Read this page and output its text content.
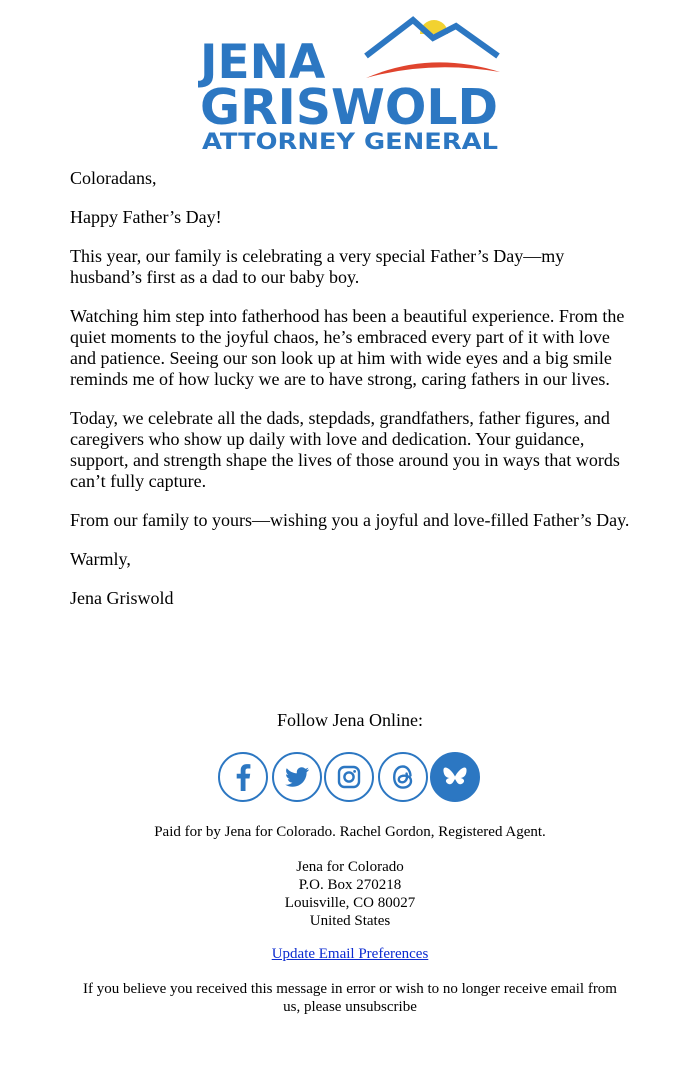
JENA
GRISWOLD
ATTORNEY GENERAL

Coloradans,

Happy Father’s Day!

This year, our family is celebrating a very special Father’s Day—my husband’s first as a dad to our baby boy.

Watching him step into fatherhood has been a beautiful experience. From the quiet moments to the joyful chaos, he’s embraced every part of it with love and patience. Seeing our son look up at him with wide eyes and a big smile reminds me of how lucky we are to have strong, caring fathers in our lives.

Today, we celebrate all the dads, stepdads, grandfathers, father figures, and caregivers who show up daily with love and dedication. Your guidance, support, and strength shape the lives of those around you in ways that words can’t fully capture.

From our family to yours—wishing you a joyful and love-filled Father’s Day.

Warmly,

Jena Griswold

Follow Jena Online:

Paid for by Jena for Colorado. Rachel Gordon, Registered Agent.

Jena for Colorado
P.O. Box 270218
Louisville, CO 80027
United States
Update Email Preferences

If you believe you received this message in error or wish to no longer receive email from us, please unsubscribe
